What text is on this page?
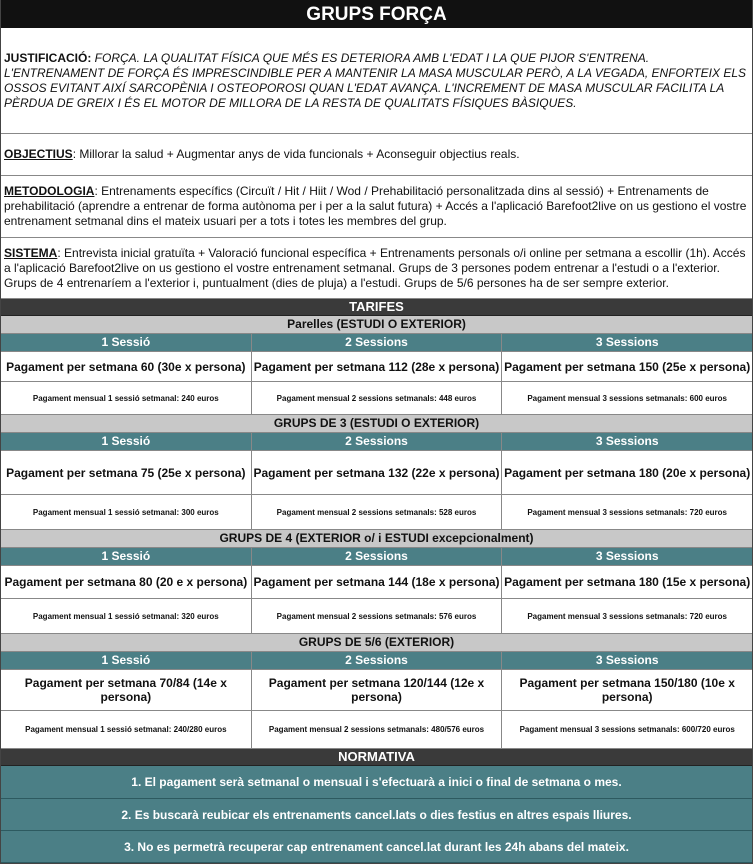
GRUPS FORÇA
JUSTIFICACIÓ: FORÇA. LA QUALITAT FÍSICA QUE MÉS ES DETERIORA AMB L'EDAT I LA QUE PIJOR S'ENTRENA. L'ENTRENAMENT DE FORÇA ÉS IMPRESCINDIBLE PER A MANTENIR LA MASA MUSCULAR PERÒ, A LA VEGADA, ENFORTEIX ELS OSSOS EVITANT AIXÍ SARCOPÈNIA I OSTEOPOROSI QUAN L'EDAT AVANÇA. L'INCREMENT DE MASA MUSCULAR FACILITA LA PÈRDUA DE GREIX I ÉS EL MOTOR DE MILLORA DE LA RESTA DE QUALITATS FÍSIQUES BÀSIQUES.
OBJECTIUS: Millorar la salud + Augmentar anys de vida funcionals + Aconseguir objectius reals.
METODOLOGIA: Entrenaments específics (Circuït / Hit / Hiit / Wod / Prehabilitació personalitzada dins al sessió) + Entrenaments de prehabilitació (aprendre a entrenar de forma autònoma per i per a la salut futura) + Accés a l'aplicació Barefoot2live on us gestiono el vostre entrenament setmanal dins el mateix usuari per a tots i totes les membres del grup.
SISTEMA: Entrevista inicial gratuïta + Valoració funcional específica + Entrenaments personals o/i online per setmana a escollir (1h). Accés a l'aplicació Barefoot2live on us gestiono el vostre entrenament setmanal. Grups de 3 persones podem entrenar a l'estudi o a l'exterior. Grups de 4 entrenaríem a l'exterior i, puntualment (dies de pluja) a l'estudi. Grups de 5/6 persones ha de ser sempre exterior.
TARIFES
Parelles (ESTUDI O EXTERIOR)
1 Sessió	2 Sessions	3 Sessions
Pagament per setmana 60 (30e x persona) Pagament per setmana 112 (28e x persona) Pagament per setmana 150 (25e x persona)
Pagament mensual 1 sessió setmanal: 240 euros	Pagament mensual 2 sessions setmanals: 448 euros	Pagament mensual 3 sessions setmanals: 600 euros
GRUPS DE 3 (ESTUDI O EXTERIOR)
1 Sessió	2 Sessions	3 Sessions
Pagament per setmana 75 (25e x persona) Pagament per setmana 132 (22e x persona) Pagament per setmana 180 (20e x persona)
Pagament mensual 1 sessió setmanal: 300 euros	Pagament mensual 2 sessions setmanals: 528 euros	Pagament mensual 3 sessions setmanals: 720 euros
GRUPS DE 4 (EXTERIOR o/ i ESTUDI excepcionalment)
1 Sessió	2 Sessions	3 Sessions
Pagament per setmana 80 (20 e x persona) Pagament per setmana 144 (18e x persona) Pagament per setmana 180 (15e x persona)
Pagament mensual 1 sessió setmanal: 320 euros	Pagament mensual 2 sessions setmanals: 576 euros	Pagament mensual 3 sessions setmanals: 720 euros
GRUPS DE 5/6 (EXTERIOR)
1 Sessió	2 Sessions	3 Sessions
Pagament per setmana 70/84 (14e x persona)
Pagament per setmana 120/144 (12e x persona)
Pagament per setmana 150/180 (10e x persona)
Pagament mensual 1 sessió setmanal: 240/280 euros	Pagament mensual 2 sessions setmanals: 480/576 euros	Pagament mensual 3 sessions setmanals: 600/720 euros
NORMATIVA
1. El pagament serà setmanal o mensual i s'efectuarà a inici o final de setmana o mes.
2. Es buscarà reubicar els entrenaments cancel.lats o dies festius en altres espais lliures.
3. No es permetrà recuperar cap entrenament cancel.lat durant les 24h abans del mateix.
